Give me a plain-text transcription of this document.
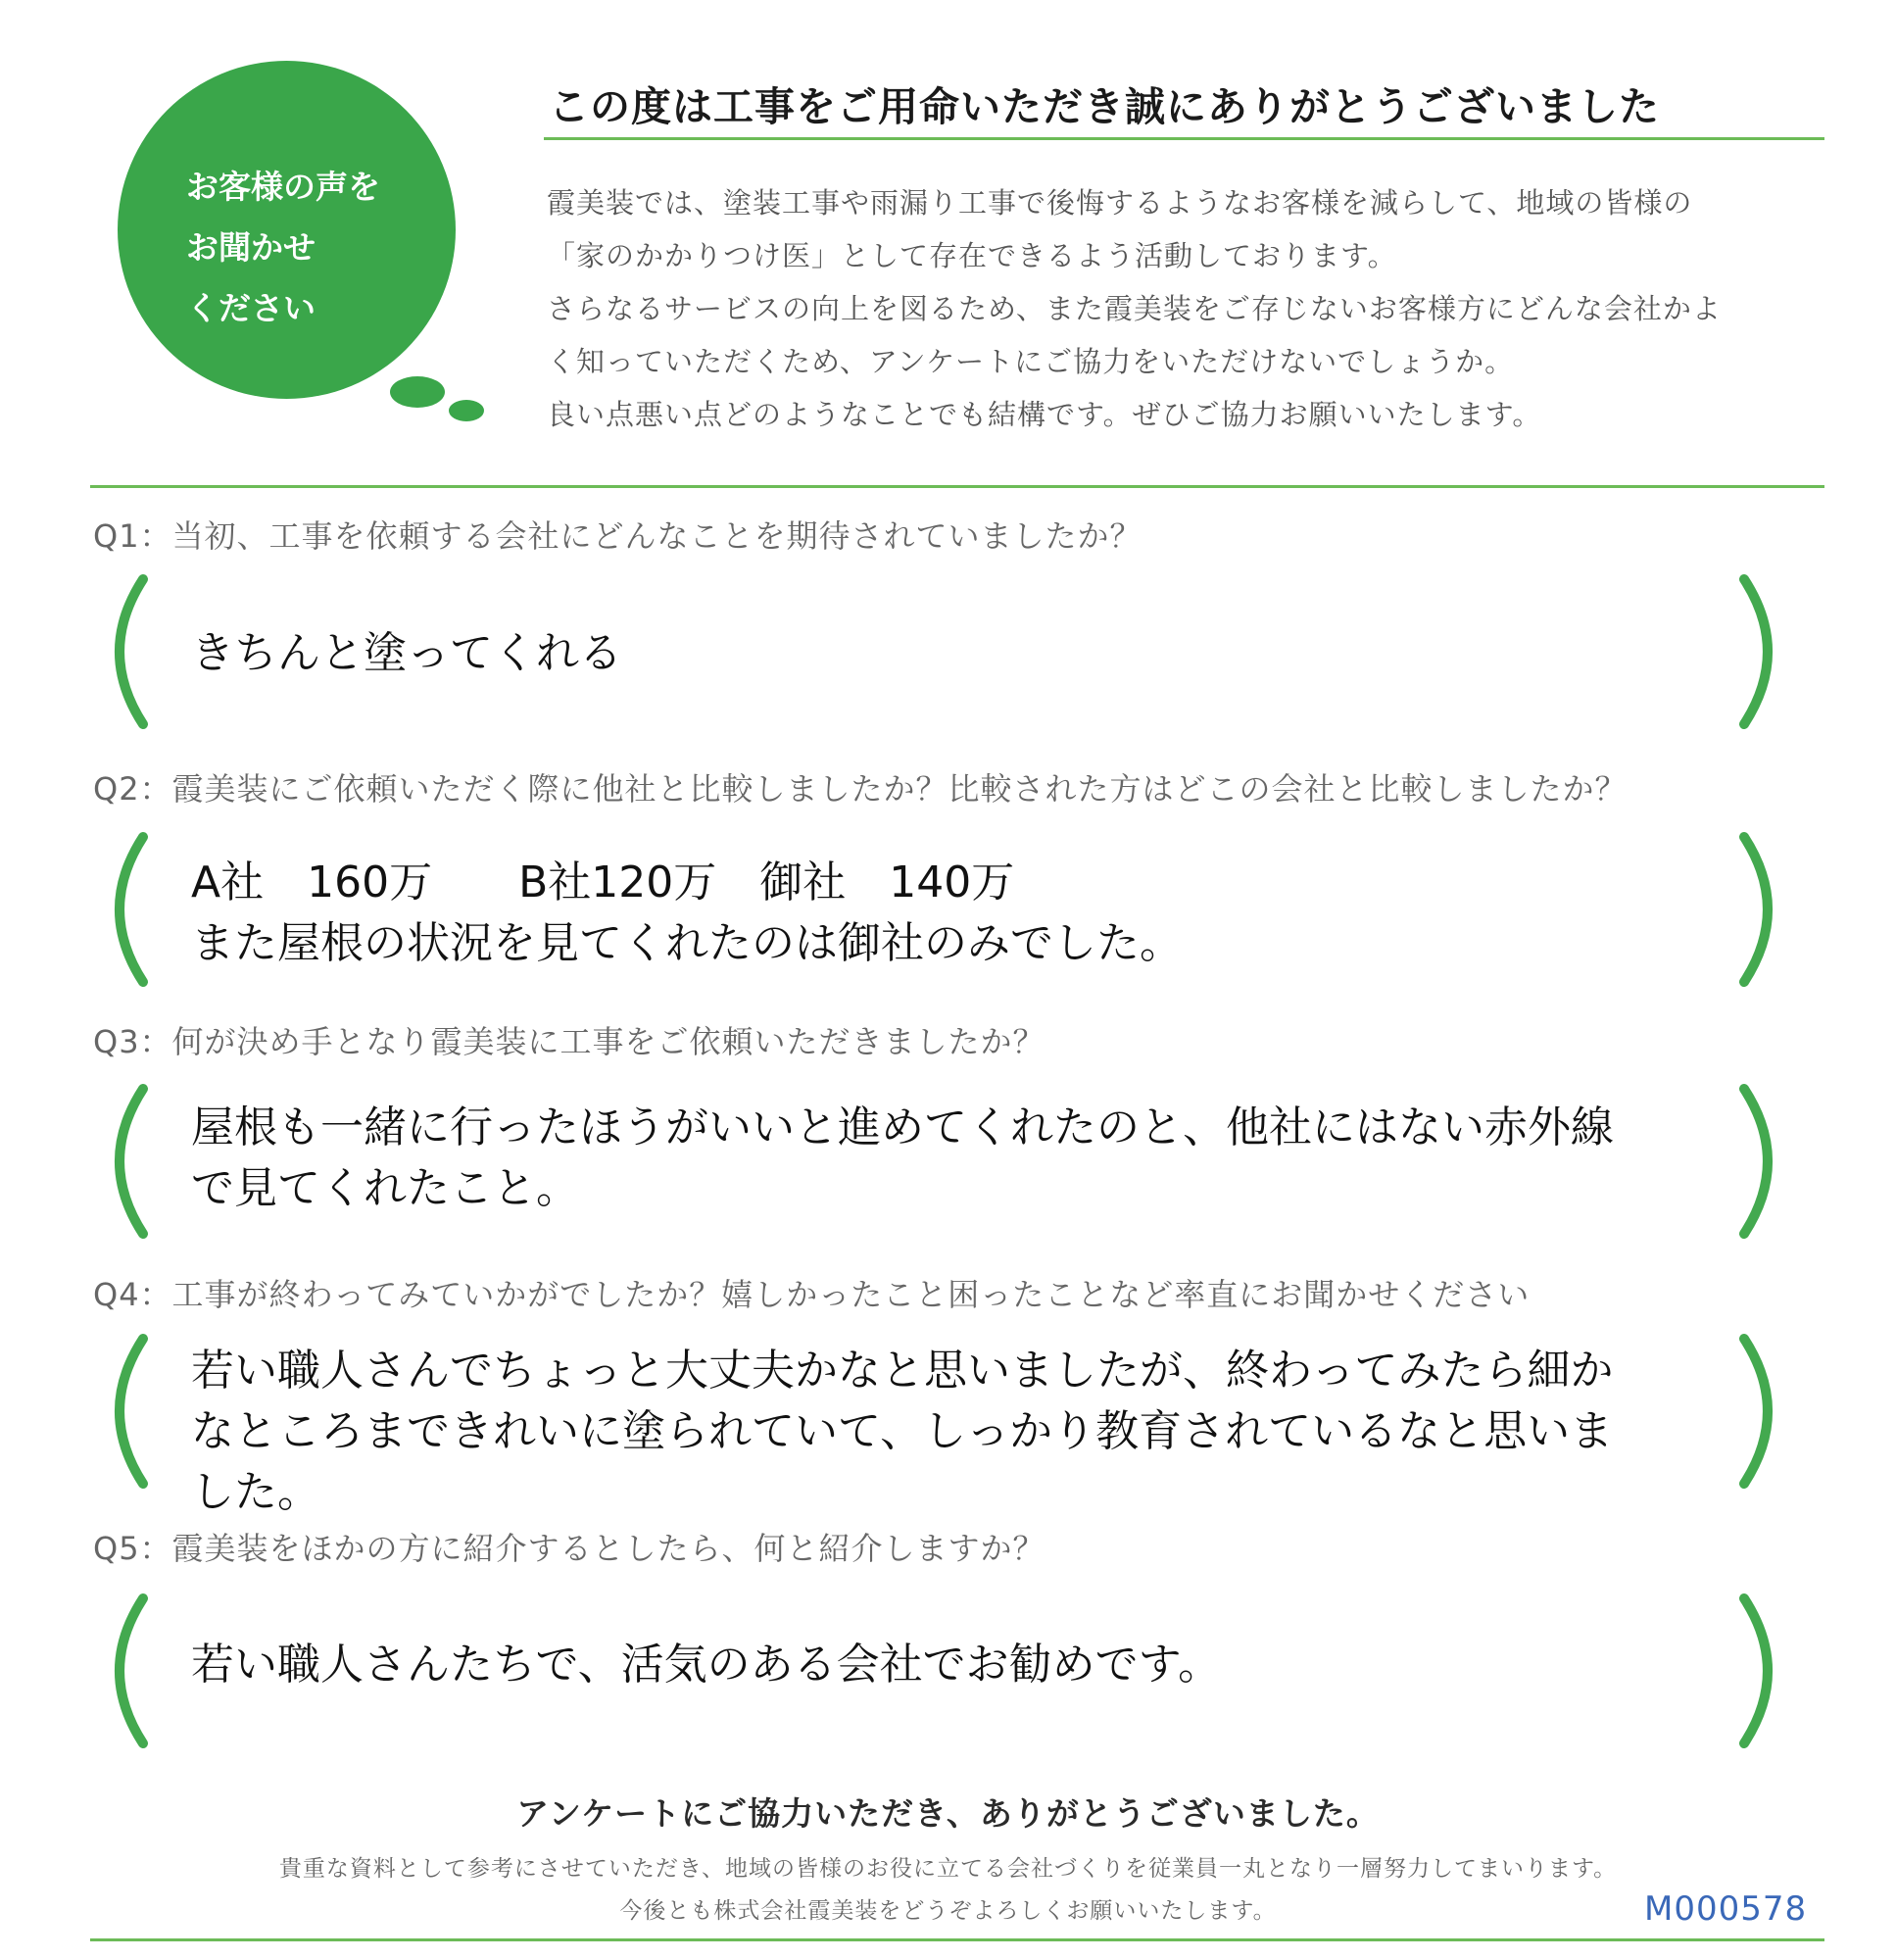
お客様の声を
お聞かせ
ください
この度は工事をご用命いただき誠にありがとうございました
霞美装では、塗装工事や雨漏り工事で後悔するようなお客様を減らして、地域の皆様の
「家のかかりつけ医」として存在できるよう活動しております。
さらなるサービスの向上を図るため、また霞美装をご存じないお客様方にどんな会社かよ
く知っていただくため、アンケートにご協力をいただけないでしょうか。
良い点悪い点どのようなことでも結構です。ぜひご協力お願いいたします。
Q1：当初、工事を依頼する会社にどんなことを期待されていましたか？
きちんと塗ってくれる
Q2：霞美装にご依頼いただく際に他社と比較しましたか？比較された方はどこの会社と比較しましたか？
A社　160万　　B社120万　御社　140万
また屋根の状況を見てくれたのは御社のみでした。
Q3：何が決め手となり霞美装に工事をご依頼いただきましたか？
屋根も一緒に行ったほうがいいと進めてくれたのと、他社にはない赤外線
で見てくれたこと。
Q4：工事が終わってみていかがでしたか？嬉しかったこと困ったことなど率直にお聞かせください
若い職人さんでちょっと大丈夫かなと思いましたが、終わってみたら細か
なところまできれいに塗られていて、しっかり教育されているなと思いま
した。
Q5：霞美装をほかの方に紹介するとしたら、何と紹介しますか？
若い職人さんたちで、活気のある会社でお勧めです。
アンケートにご協力いただき、ありがとうございました。
貴重な資料として参考にさせていただき、地域の皆様のお役に立てる会社づくりを従業員一丸となり一層努力してまいります。
今後とも株式会社霞美装をどうぞよろしくお願いいたします。	M000578
